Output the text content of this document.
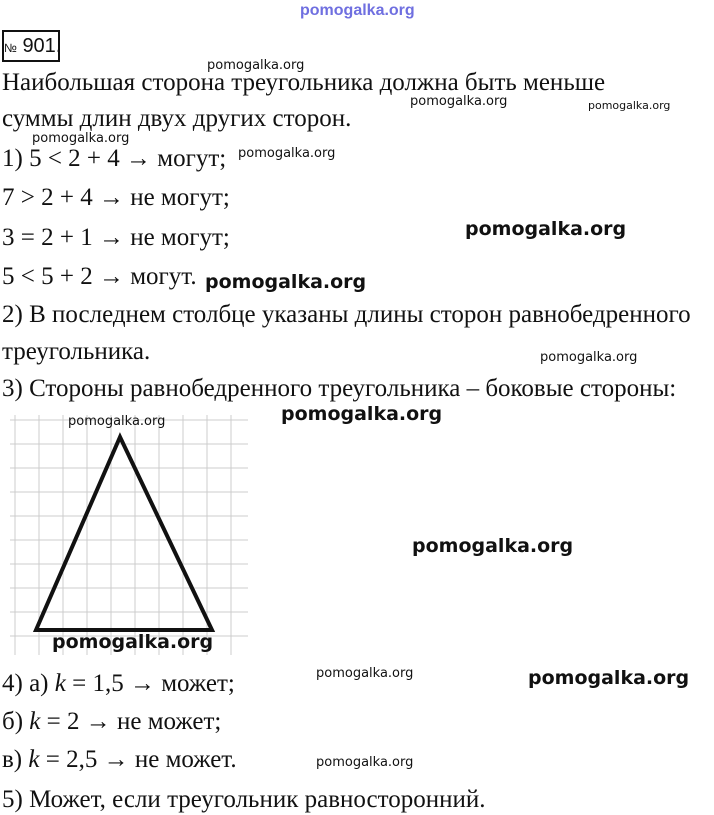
pomogalka.org
№ 901.
Наибольшая сторона треугольника должна быть меньше
суммы длин двух других сторон.
1) 5 < 2 + 4 → могут;
7 > 2 + 4 → не могут;
3 = 2 + 1 → не могут;
5 < 5 + 2 → могут.
2) В последнем столбце указаны длины сторон равнобедренного
треугольника.
3) Стороны равнобедренного треугольника – боковые стороны:
4) а) k = 1,5 → может;
б) k = 2 → не может;
в) k = 2,5 → не может.
5) Может, если треугольник равносторонний.
pomogalka.org
pomogalka.org	pomogalka.org
pomogalka.org
pomogalka.org
pomogalka.org
pomogalka.org
pomogalka.org
pomogalka.org
pomogalka.org
pomogalka.org
pomogalka.org
pomogalka.org	pomogalka.org
pomogalka.org
